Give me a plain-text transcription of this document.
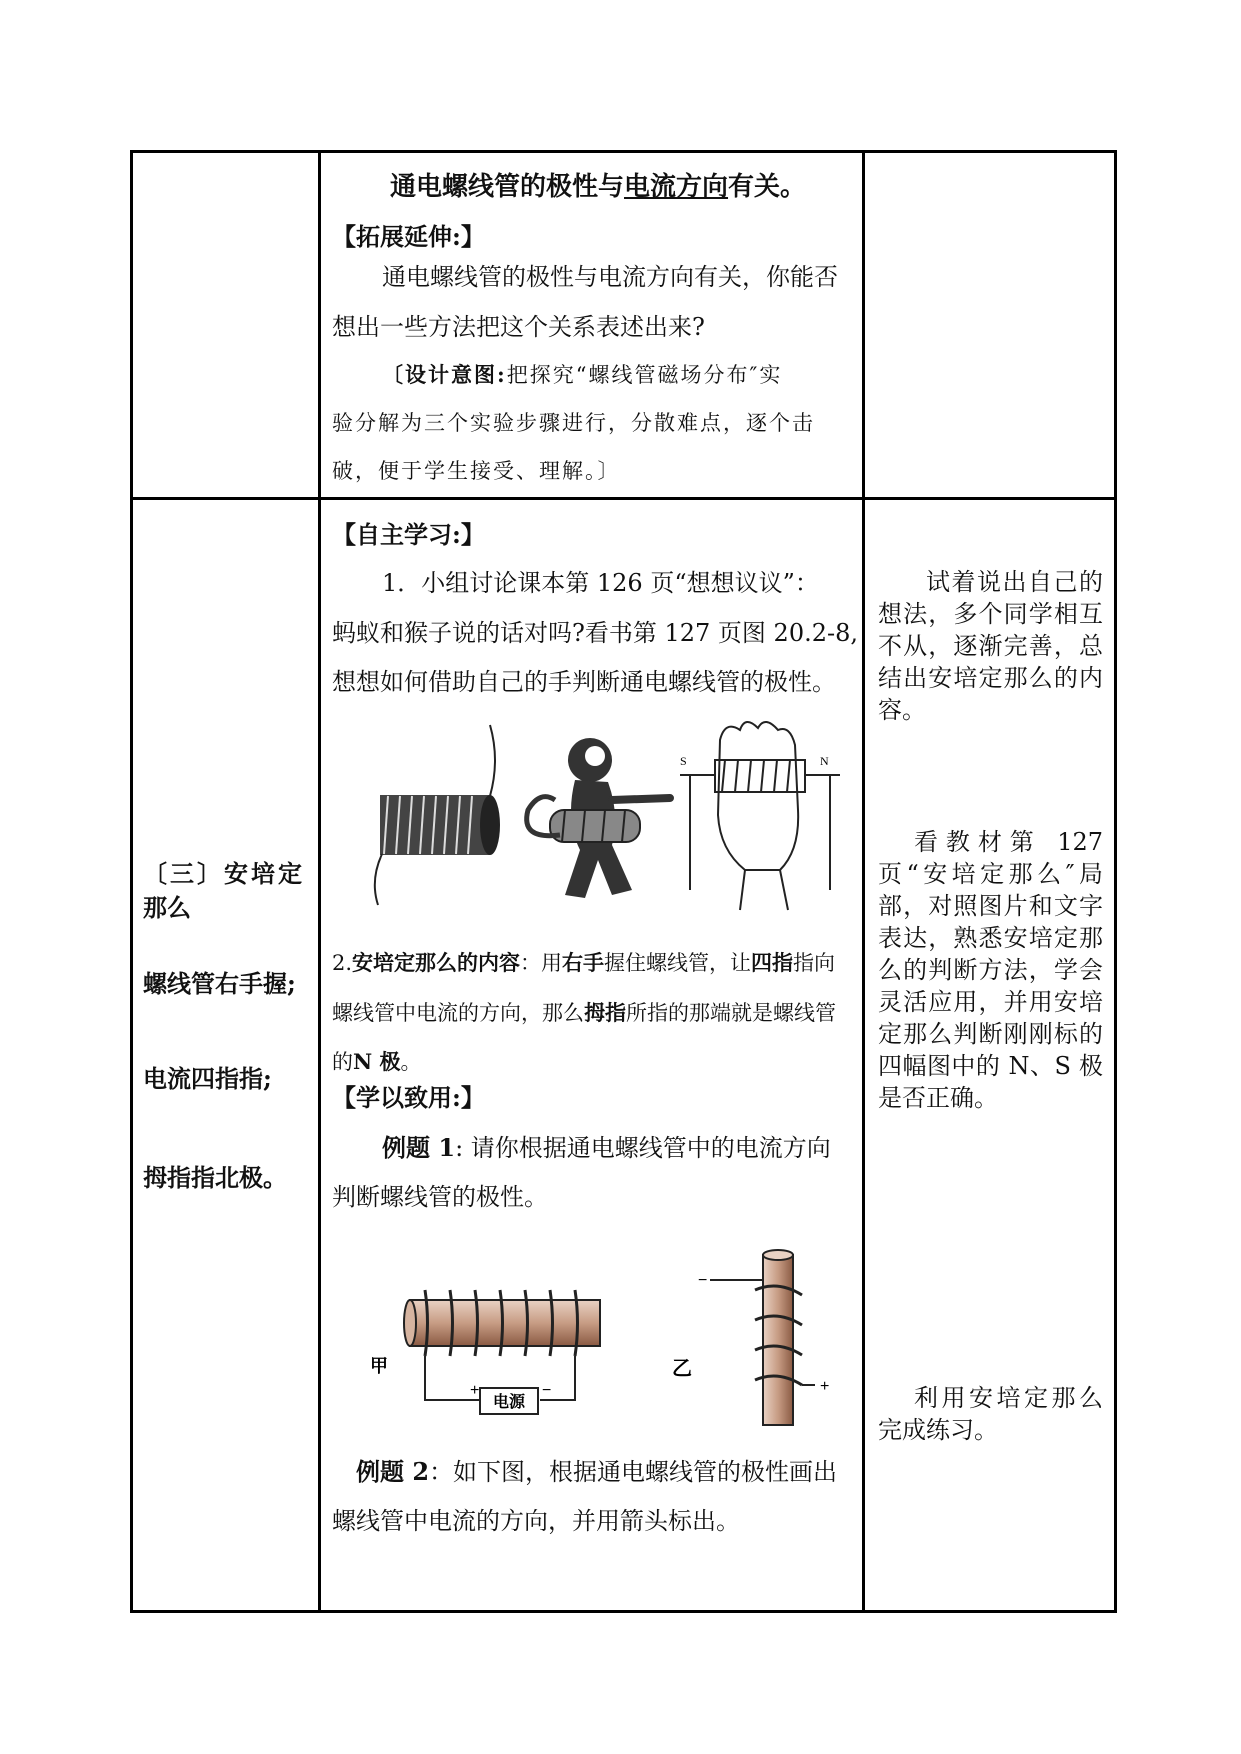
通电螺线管的极性与电流方向有关。
【拓展延伸:】
通电螺线管的极性与电流方向有关，你能否
想出一些方法把这个关系表述出来?
〔设计意图:把探究“螺线管磁场分布″实
验分解为三个实验步骤进行，分散难点，逐个击
破，便于学生接受、理解。〕
〔三〕安培定
那么
螺线管右手握;
电流四指指;
拇指指北极。
【自主学习:】
1．小组讨论课本第 126 页“想想议议”：
蚂蚁和猴子说的话对吗?看书第 127 页图 20.2-8,
想想如何借助自己的手判断通电螺线管的极性。
S	N
2.安培定那么的内容：用右手握住螺线管，让四指指向
螺线管中电流的方向，那么拇指所指的那端就是螺线管
的N 极。
【学以致用:】
例题 1: 请你根据通电螺线管中的电流方向
判断螺线管的极性。
电源
+	−
甲
−
+
乙
例题 2：如下图，根据通电螺线管的极性画出
螺线管中电流的方向，并用箭头标出。

试着说出自己的想法，多个同学相互不从，逐渐完善，总结出安培定那么的内容。

看教材第 127 页“安培定那么″局部，对照图片和文字表达，熟悉安培定那么的判断方法，学会灵活应用，并用安培定那么判断刚刚标的四幅图中的 N、S 极是否正确。

利用安培定那么完成练习。
